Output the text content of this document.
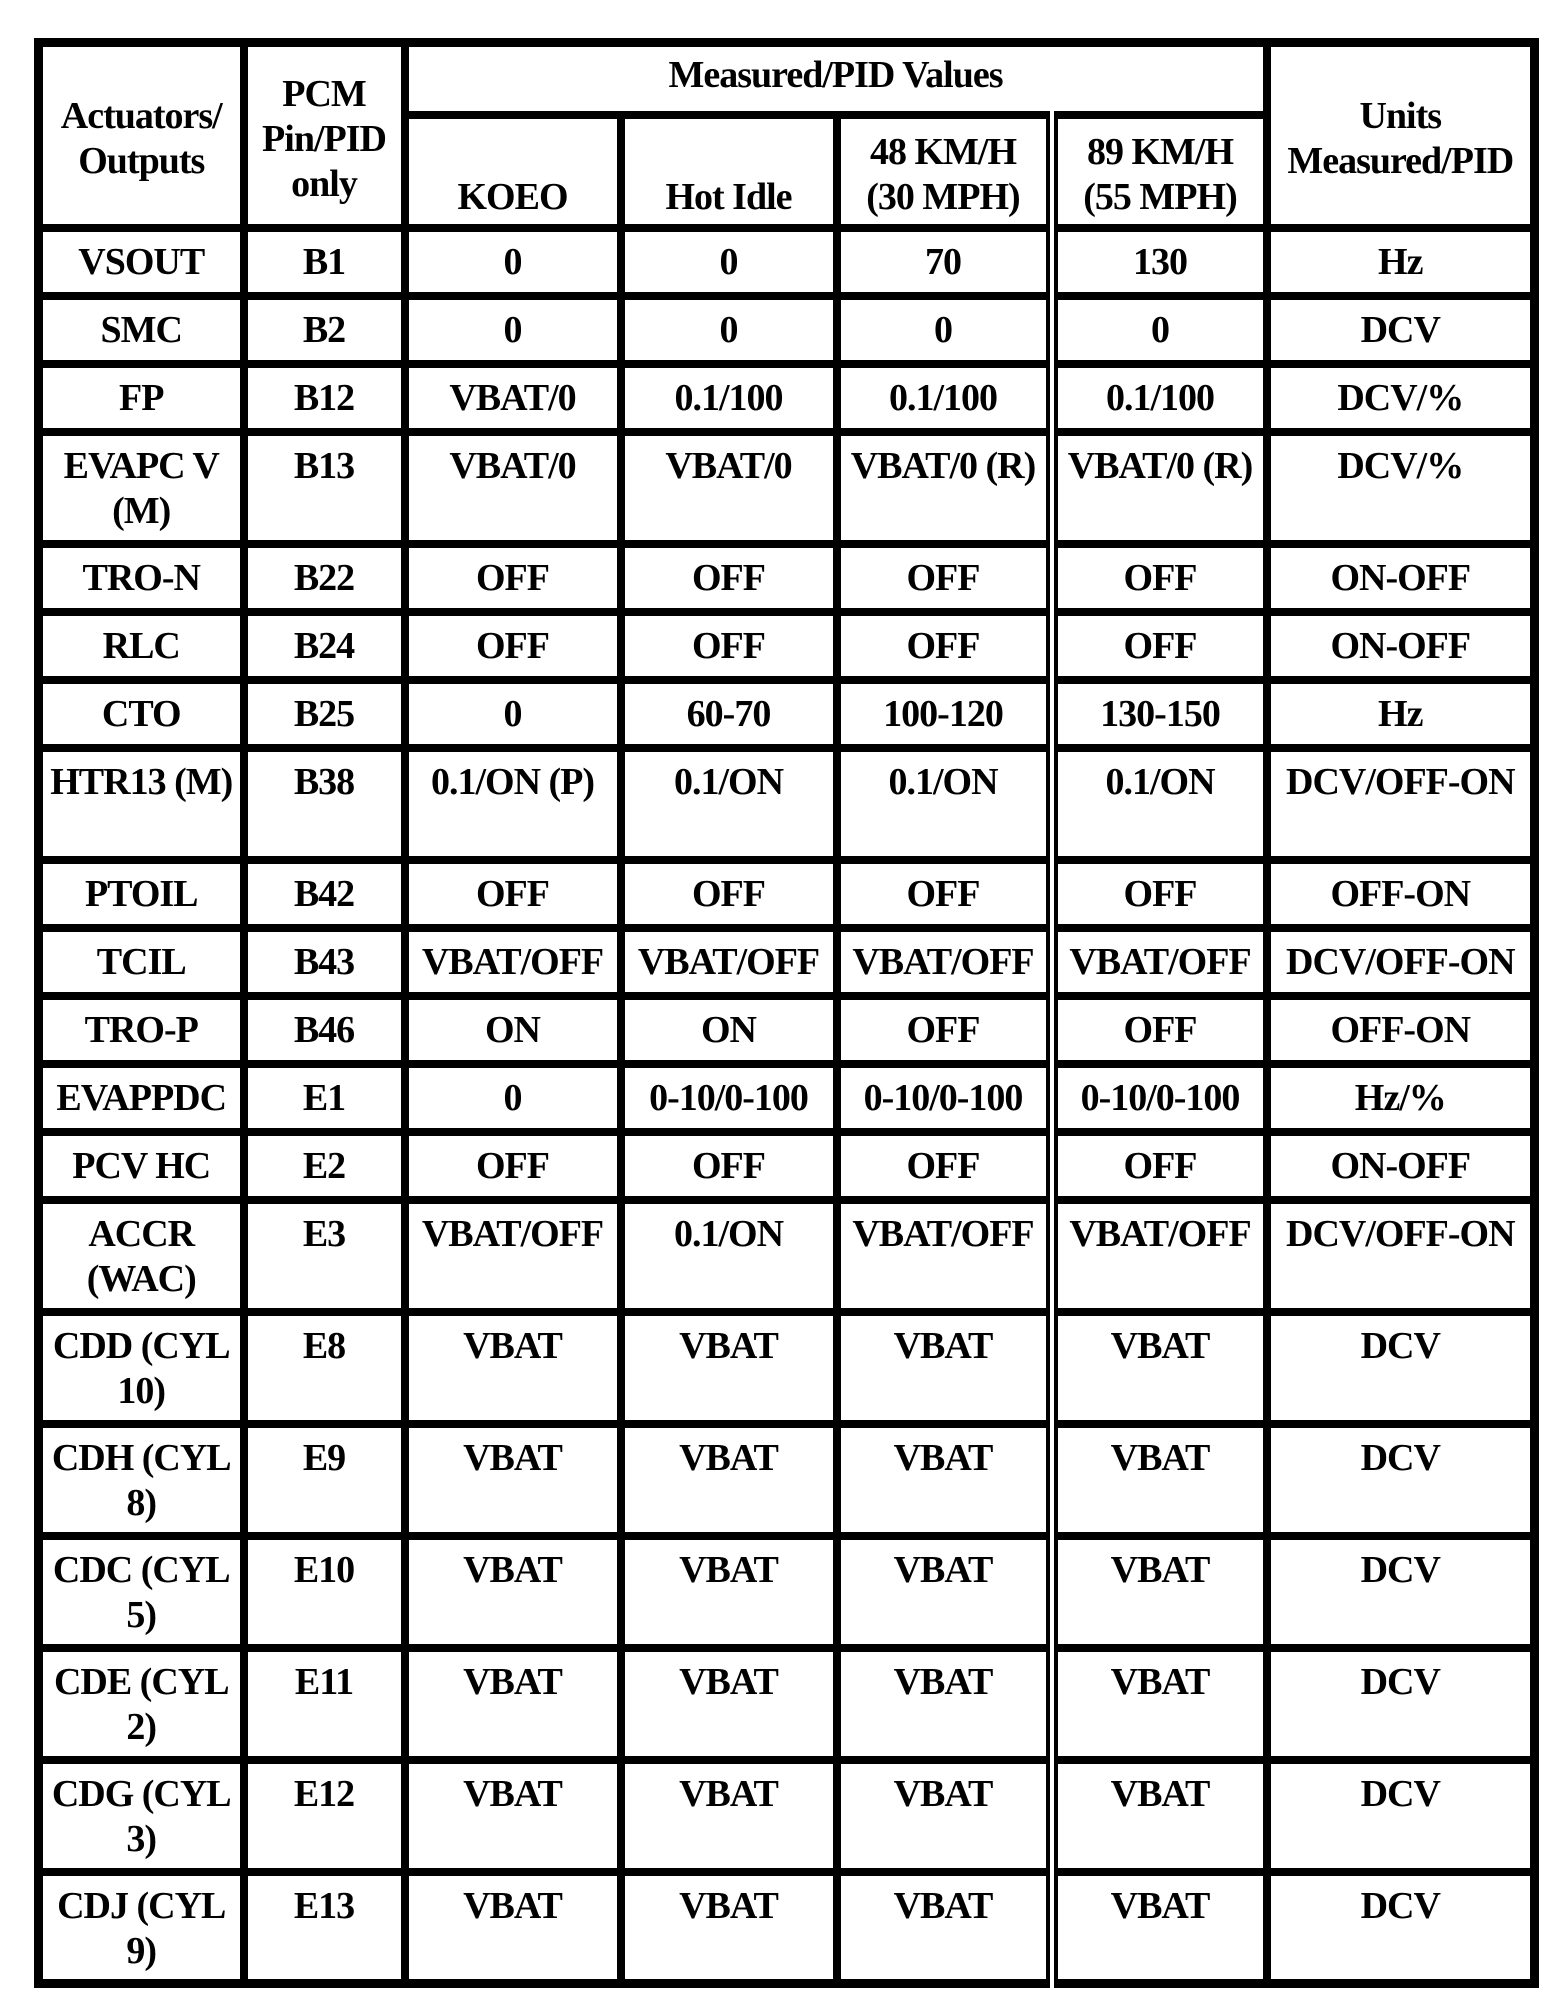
Actuators/ Outputs	PCM Pin/PID only	Measured/PID Values				Units Measured/PID
		KOEO	Hot Idle	48 KM/H (30 MPH)	89 KM/H (55 MPH)	
VSOUT	B1	0	0	70	130	Hz
SMC	B2	0	0	0	0	DCV
FP	B12	VBAT/0	0.1/100	0.1/100	0.1/100	DCV/%
EVAPC V (M)	B13	VBAT/0	VBAT/0	VBAT/0 (R)	VBAT/0 (R)	DCV/%
TRO-N	B22	OFF	OFF	OFF	OFF	ON-OFF
RLC	B24	OFF	OFF	OFF	OFF	ON-OFF
CTO	B25	0	60-70	100-120	130-150	Hz
HTR13 (M)	B38	0.1/ON (P)	0.1/ON	0.1/ON	0.1/ON	DCV/OFF-ON
PTOIL	B42	OFF	OFF	OFF	OFF	OFF-ON
TCIL	B43	VBAT/OFF	VBAT/OFF	VBAT/OFF	VBAT/OFF	DCV/OFF-ON
TRO-P	B46	ON	ON	OFF	OFF	OFF-ON
EVAPPDC	E1	0	0-10/0-100	0-10/0-100	0-10/0-100	Hz/%
PCV HC	E2	OFF	OFF	OFF	OFF	ON-OFF
ACCR (WAC)	E3	VBAT/OFF	0.1/ON	VBAT/OFF	VBAT/OFF	DCV/OFF-ON
CDD (CYL 10)	E8	VBAT	VBAT	VBAT	VBAT	DCV
CDH (CYL 8)	E9	VBAT	VBAT	VBAT	VBAT	DCV
CDC (CYL 5)	E10	VBAT	VBAT	VBAT	VBAT	DCV
CDE (CYL 2)	E11	VBAT	VBAT	VBAT	VBAT	DCV
CDG (CYL 3)	E12	VBAT	VBAT	VBAT	VBAT	DCV
CDJ (CYL 9)	E13	VBAT	VBAT	VBAT	VBAT	DCV
